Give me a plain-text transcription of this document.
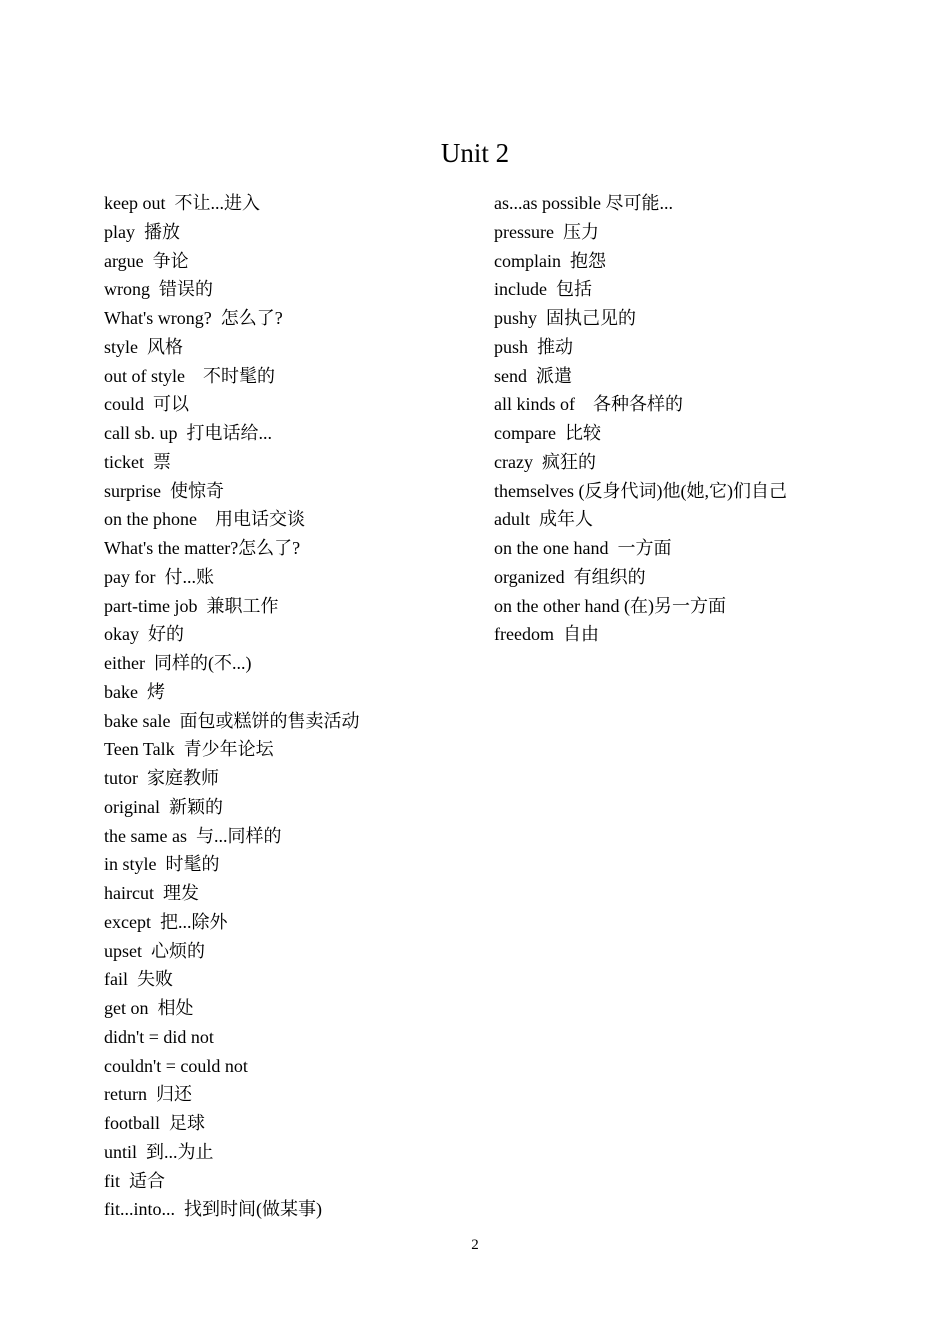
Unit 2
keep out  不让...进入
play  播放
argue  争论
wrong  错误的
What's wrong?  怎么了?
style  风格
out of style    不时髦的
could  可以
call sb. up  打电话给...
ticket  票
surprise  使惊奇
on the phone    用电话交谈
What's the matter?怎么了?
pay for  付...账
part-time job  兼职工作
okay  好的
either  同样的(不...)
bake  烤
bake sale  面包或糕饼的售卖活动
Teen Talk  青少年论坛
tutor  家庭教师
original  新颖的
the same as  与...同样的
in style  时髦的
haircut  理发
except  把...除外
upset  心烦的
fail  失败
get on  相处
didn't = did not
couldn't = could not
return  归还
football  足球
until  到...为止
fit  适合
fit...into...  找到时间(做某事)
as...as possible 尽可能...
pressure  压力
complain  抱怨
include  包括
pushy  固执己见的
push  推动
send  派遣
all kinds of    各种各样的
compare  比较
crazy  疯狂的
themselves (反身代词)他(她,它)们自己
adult  成年人
on the one hand  一方面
organized  有组织的
on the other hand (在)另一方面
freedom  自由
2
